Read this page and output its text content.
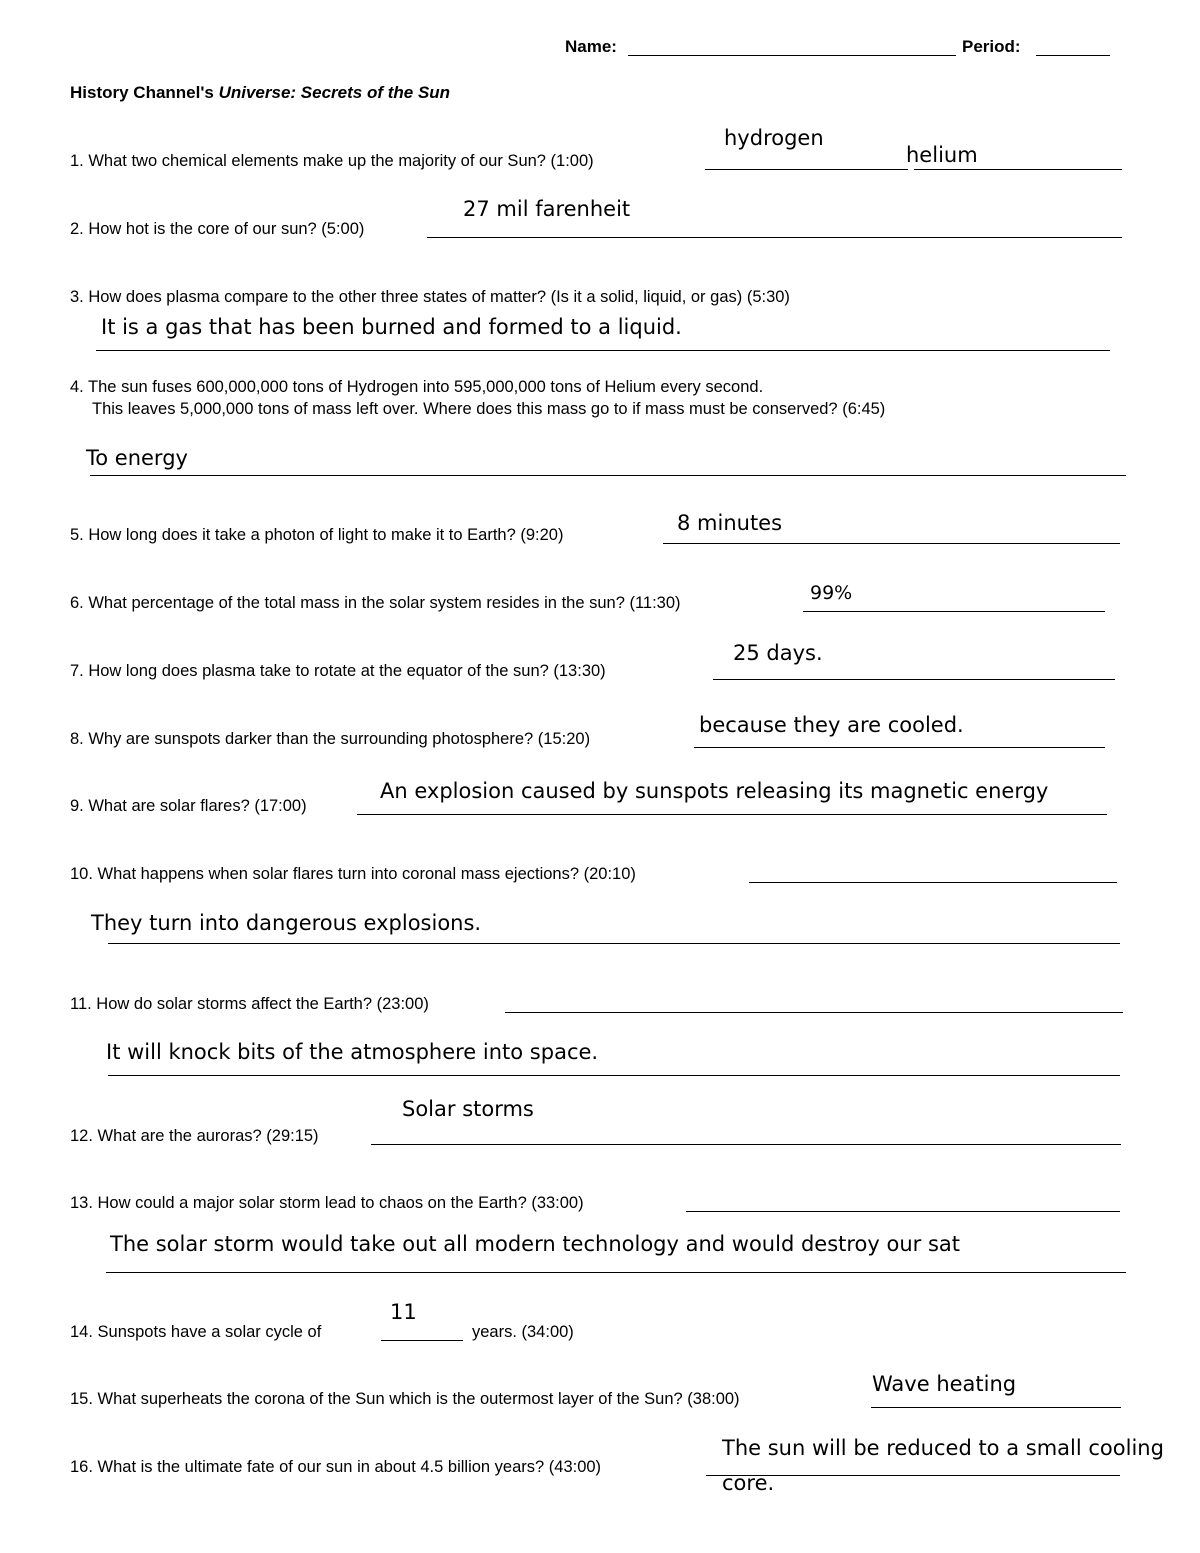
Name:	Period:
History Channel's Universe: Secrets of the Sun
1. What two chemical elements make up the majority of our Sun? (1:00)
hydrogen
helium
2. How hot is the core of our sun? (5:00)
27 mil farenheit
3. How does plasma compare to the other three states of matter? (Is it a solid, liquid, or gas) (5:30)
It is a gas that has been burned and formed to a liquid.
4. The sun fuses 600,000,000 tons of Hydrogen into 595,000,000 tons of Helium every second.
This leaves 5,000,000 tons of mass left over. Where does this mass go to if mass must be conserved? (6:45)
To energy
5. How long does it take a photon of light to make it to Earth? (9:20)	8 minutes
6. What percentage of the total mass in the solar system resides in the sun? (11:30)	99%
7. How long does plasma take to rotate at the equator of the sun? (13:30)
25 days.
8. Why are sunspots darker than the surrounding photosphere? (15:20)
because they are cooled.
9. What are solar flares? (17:00)
An explosion caused by sunspots releasing its magnetic energy
10. What happens when solar flares turn into coronal mass ejections? (20:10)
They turn into dangerous explosions.
11. How do solar storms affect the Earth? (23:00)
It will knock bits of the atmosphere into space.
12. What are the auroras? (29:15)
Solar storms
13. How could a major solar storm lead to chaos on the Earth? (33:00)
The solar storm would take out all modern technology and would destroy our sat
14. Sunspots have a solar cycle of
11
years. (34:00)
15. What superheats the corona of the Sun which is the outermost layer of the Sun? (38:00)
Wave heating
16. What is the ultimate fate of our sun in about 4.5 billion years? (43:00)
The sun will be reduced to a small cooling
core.
